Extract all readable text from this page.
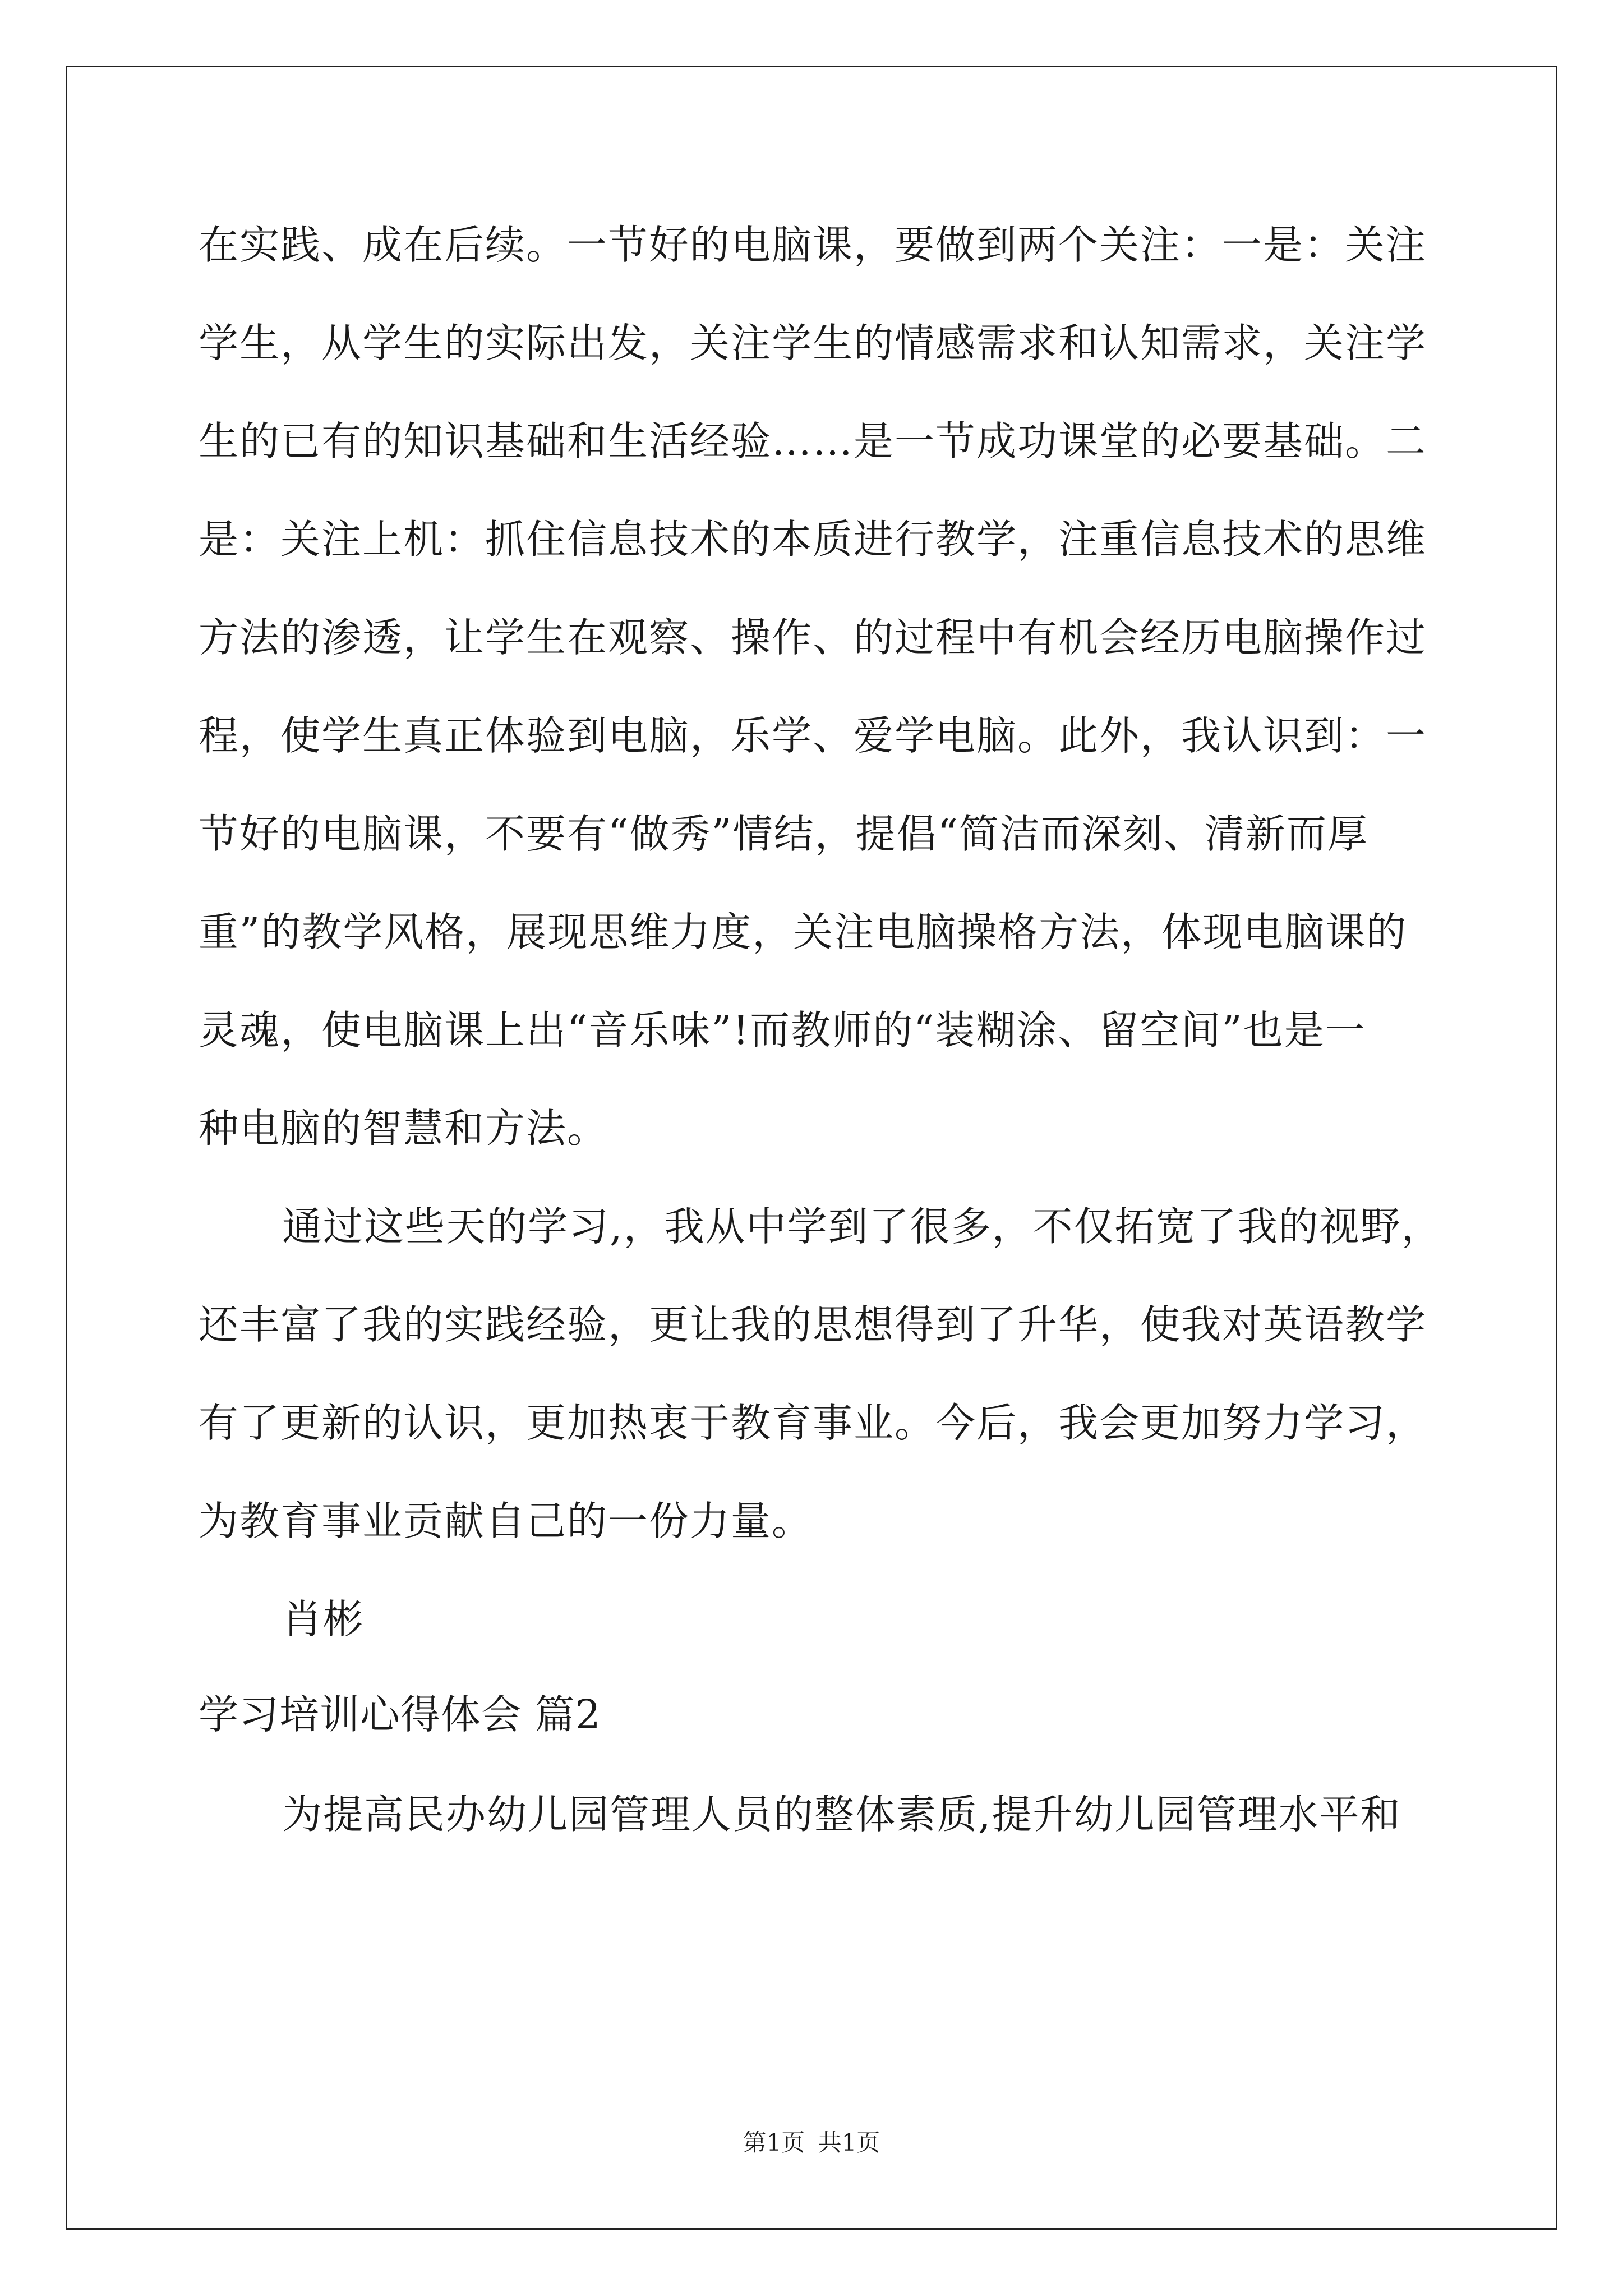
在实践、成在后续。一节好的电脑课，要做到两个关注：一是：关注
学生，从学生的实际出发，关注学生的情感需求和认知需求，关注学
生的已有的知识基础和生活经验……是一节成功课堂的必要基础。二
是：关注上机：抓住信息技术的本质进行教学，注重信息技术的思维
方法的渗透，让学生在观察、操作、的过程中有机会经历电脑操作过
程，使学生真正体验到电脑，乐学、爱学电脑。此外，我认识到：一
节好的电脑课，不要有“做秀”情结，提倡“简洁而深刻、清新而厚
重”的教学风格，展现思维力度，关注电脑操格方法，体现电脑课的
灵魂，使电脑课上出“音乐味”!而教师的“装糊涂、留空间”也是一
种电脑的智慧和方法。
通过这些天的学习,，我从中学到了很多，不仅拓宽了我的视野，
还丰富了我的实践经验，更让我的思想得到了升华，使我对英语教学
有了更新的认识，更加热衷于教育事业。今后，我会更加努力学习，
为教育事业贡献自己的一份力量。
肖彬
学习培训心得体会 篇2
为提高民办幼儿园管理人员的整体素质,提升幼儿园管理水平和
第1页 共1页
